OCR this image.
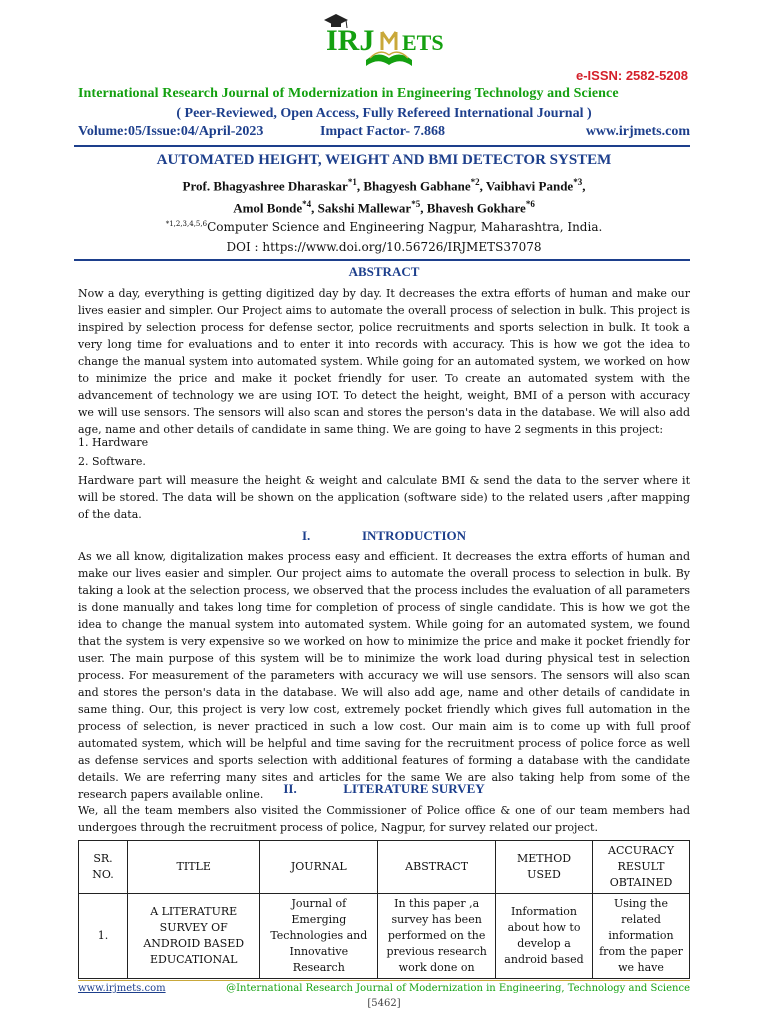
IRJ ETS
e-ISSN: 2582-5208
International Research Journal of Modernization in Engineering Technology and Science
( Peer-Reviewed, Open Access, Fully Refereed International Journal )
Volume:05/Issue:04/April-2023	Impact Factor- 7.868	www.irjmets.com
AUTOMATED HEIGHT, WEIGHT AND BMI DETECTOR SYSTEM
Prof. Bhagyashree Dharaskar$^{*1}$, Bhagyesh Gabhane$^{*2}$, Vaibhavi Pande$^{*3}$,
Amol Bonde$^{*4}$, Sakshi Mallewar$^{*5}$, Bhavesh Gokhare$^{*6}$
$^{*1,2,3,4,5,6}$Computer Science and Engineering Nagpur, Maharashtra, India.
DOI : https://www.doi.org/10.56726/IRJMETS37078
ABSTRACT

Now a day, everything is getting digitized day by day. It decreases the extra efforts of human and make our lives easier and simpler. Our Project aims to automate the overall process of selection in bulk. This project is inspired by selection process for defense sector, police recruitments and sports selection in bulk. It took a very long time for evaluations and to enter it into records with accuracy. This is how we got the idea to change the manual system into automated system. While going for an automated system, we worked on how to minimize the price and make it pocket friendly for user. To create an automated system with the advancement of technology we are using IOT. To detect the height, weight, BMI of a person with accuracy we will use sensors. The sensors will also scan and stores the person's data in the database. We will also add age, name and other details of candidate in same thing. We are going to have 2 segments in this project:

1. Hardware

2. Software.

Hardware part will measure the height & weight and calculate BMI & send the data to the server where it will be stored. The data will be shown on the application (software side) to the related users ,after mapping of the data.

I.	INTRODUCTION

As we all know, digitalization makes process easy and efficient. It decreases the extra efforts of human and make our lives easier and simpler. Our project aims to automate the overall process to selection in bulk. By taking a look at the selection process, we observed that the process includes the evaluation of all parameters is done manually and takes long time for completion of process of single candidate. This is how we got the idea to change the manual system into automated system. While going for an automated system, we found that the system is very expensive so we worked on how to minimize the price and make it pocket friendly for user. The main purpose of this system will be to minimize the work load during physical test in selection process. For measurement of the parameters with accuracy we will use sensors. The sensors will also scan and stores the person's data in the database. We will also add age, name and other details of candidate in same thing. Our, this project is very low cost, extremely pocket friendly which gives full automation in the process of selection, is never practiced in such a low cost. Our main aim is to come up with full proof automated system, which will be helpful and time saving for the recruitment process of police force as well as defense services and sports selection with additional features of forming a database with the candidate details. We are referring many sites and articles for the same We are also taking help from some of the research papers available online.	II.	LITERATURE SURVEY

We, all the team members also visited the Commissioner of Police office & one of our team members had undergoes through the recruitment process of police, Nagpur, for survey related our project.

SR. NO.	TITLE	JOURNAL	ABSTRACT	METHOD USED	ACCURACY RESULT OBTAINED
1.	A LITERATURE SURVEY OF ANDROID BASED EDUCATIONAL	Journal of Emerging Technologies and Innovative Research	In this paper ,a survey has been performed on the previous research work done on	Information about how to develop a android based	Using the related information from the paper we have
www.irjmets.com	@International Research Journal of Modernization in Engineering, Technology and Science
[5462]
